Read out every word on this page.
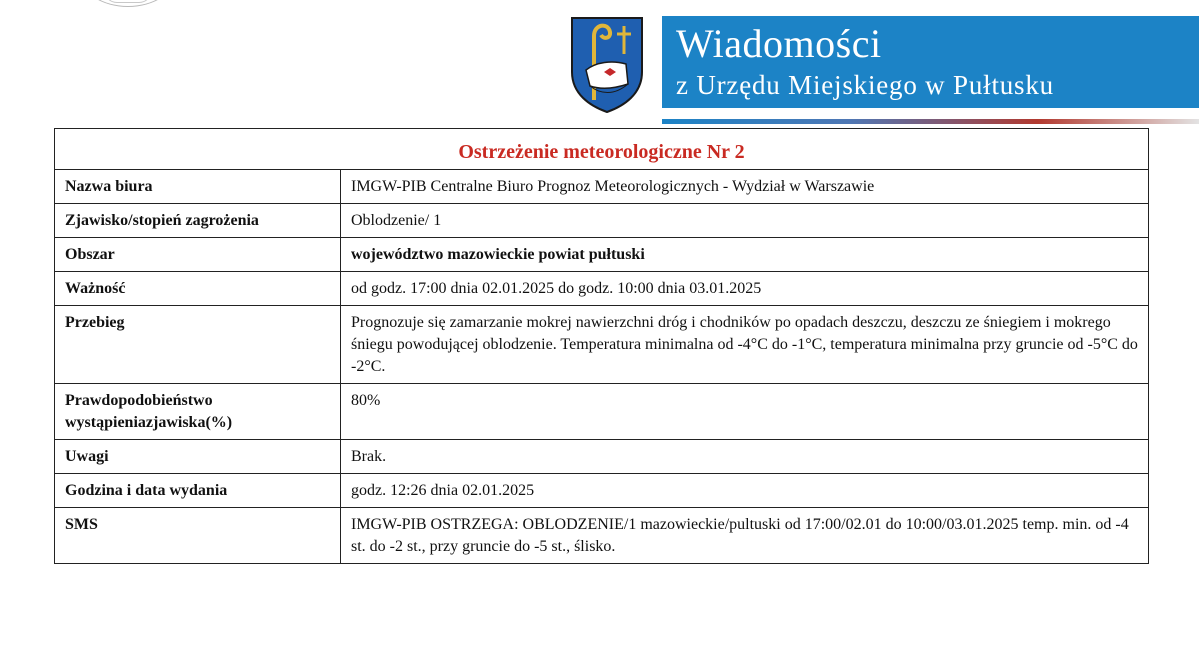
Wiadomości
z Urzędu Miejskiego w Pułtusku
Ostrzeżenie meteorologiczne Nr 2	
Nazwa biura	IMGW-PIB Centralne Biuro Prognoz Meteorologicznych - Wydział w Warszawie
Zjawisko/stopień zagrożenia	Oblodzenie/ 1
Obszar	województwo mazowieckie powiat pułtuski
Ważność	od godz. 17:00 dnia 02.01.2025 do godz. 10:00 dnia 03.01.2025
Przebieg	Prognozuje się zamarzanie mokrej nawierzchni dróg i chodników po opadach deszczu, deszczu ze śniegiem i mokrego śniegu powodującej oblodzenie. Temperatura minimalna od -4°C do -1°C, temperatura minimalna przy gruncie od -5°C do -2°C.
Prawdopodobieństwo wystąpieniazjawiska(%)	80%
Uwagi	Brak.
Godzina i data wydania	godz. 12:26 dnia 02.01.2025
SMS	IMGW-PIB OSTRZEGA: OBLODZENIE/1 mazowieckie/pultuski od 17:00/02.01 do 10:00/03.01.2025 temp. min. od -4 st. do -2 st., przy gruncie do -5 st., ślisko.
